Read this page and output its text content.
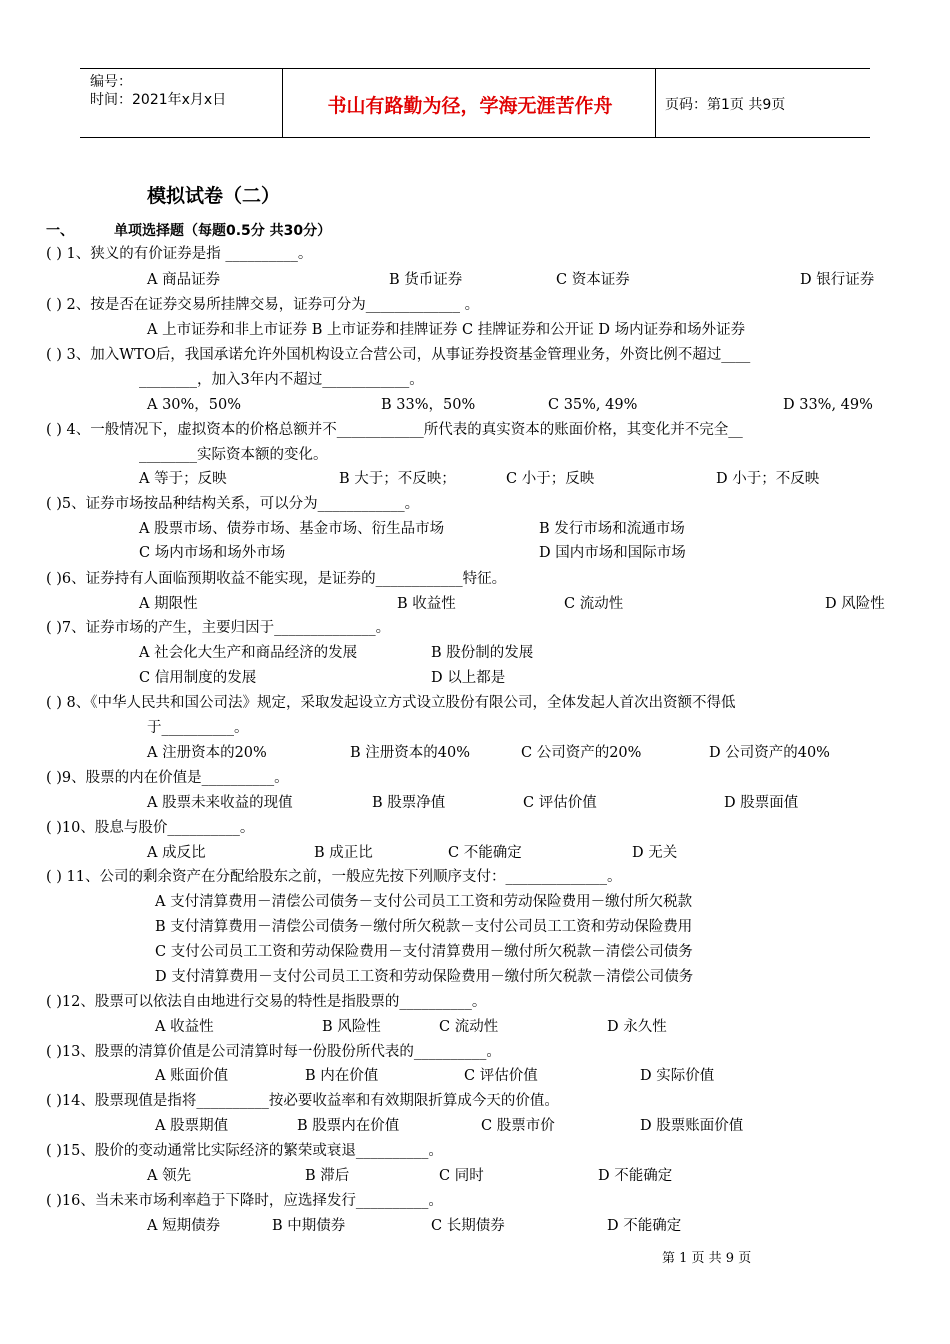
编号：
时间：2021年x月x日	书山有路勤为径，学海无涯苦作舟	页码：第1页 共9页
模拟试卷（二）
一、	单项选择题（每题0.5分 共30分）
( ) 1、狭义的有价证券是指 __________。
A 商品证券	B 货币证券	C 资本证券	D 银行证券
( ) 2、按是否在证券交易所挂牌交易，证券可分为_____________ 。
A 上市证券和非上市证券 B 上市证券和挂牌证券 C 挂牌证券和公开证 D 场内证券和场外证券
( ) 3、加入WTO后，我国承诺允许外国机构设立合营公司，从事证券投资基金管理业务，外资比例不超过____
________，加入3年内不超过____________。
A 30%，50%	B 33%，50%	C 35%, 49%	D 33%, 49%
( ) 4、一般情况下，虚拟资本的价格总额并不____________所代表的真实资本的账面价格，其变化并不完全__
________实际资本额的变化。
A 等于；反映	B 大于；不反映；	C 小于；反映	D 小于；不反映
( )5、证券市场按品种结构关系，可以分为____________。
A 股票市场、债券市场、基金市场、衍生品市场	B 发行市场和流通市场
C 场内市场和场外市场	D 国内市场和国际市场
( )6、证券持有人面临预期收益不能实现，是证券的____________特征。
A 期限性	B 收益性	C 流动性	D 风险性
( )7、证券市场的产生，主要归因于______________。
A 社会化大生产和商品经济的发展	B 股份制的发展
C 信用制度的发展	D 以上都是
( ) 8、《中华人民共和国公司法》规定，采取发起设立方式设立股份有限公司，全体发起人首次出资额不得低
于__________。
A 注册资本的20%	B 注册资本的40%	C 公司资产的20%	D 公司资产的40%
( )9、股票的内在价值是__________。
A 股票未来收益的现值	B 股票净值	C 评估价值	D 股票面值
( )10、股息与股价__________。
A 成反比	B 成正比	C 不能确定	D 无关
( ) 11、公司的剩余资产在分配给股东之前，一般应先按下列顺序支付：______________。
A 支付清算费用－清偿公司债务－支付公司员工工资和劳动保险费用－缴付所欠税款
B 支付清算费用－清偿公司债务－缴付所欠税款－支付公司员工工资和劳动保险费用
C 支付公司员工工资和劳动保险费用－支付清算费用－缴付所欠税款－清偿公司债务
D 支付清算费用－支付公司员工工资和劳动保险费用－缴付所欠税款－清偿公司债务
( )12、股票可以依法自由地进行交易的特性是指股票的__________。
A 收益性	B 风险性	C 流动性	D 永久性
( )13、股票的清算价值是公司清算时每一份股份所代表的__________。
A 账面价值	B 内在价值	C 评估价值	D 实际价值
( )14、股票现值是指将__________按必要收益率和有效期限折算成今天的价值。
A 股票期值	B 股票内在价值	C 股票市价	D 股票账面价值
( )15、股价的变动通常比实际经济的繁荣或衰退__________。
A 领先	B 滞后	C 同时	D 不能确定
( )16、当未来市场利率趋于下降时，应选择发行__________。
A 短期债券	B 中期债券	C 长期债券	D 不能确定
第 1 页 共 9 页
